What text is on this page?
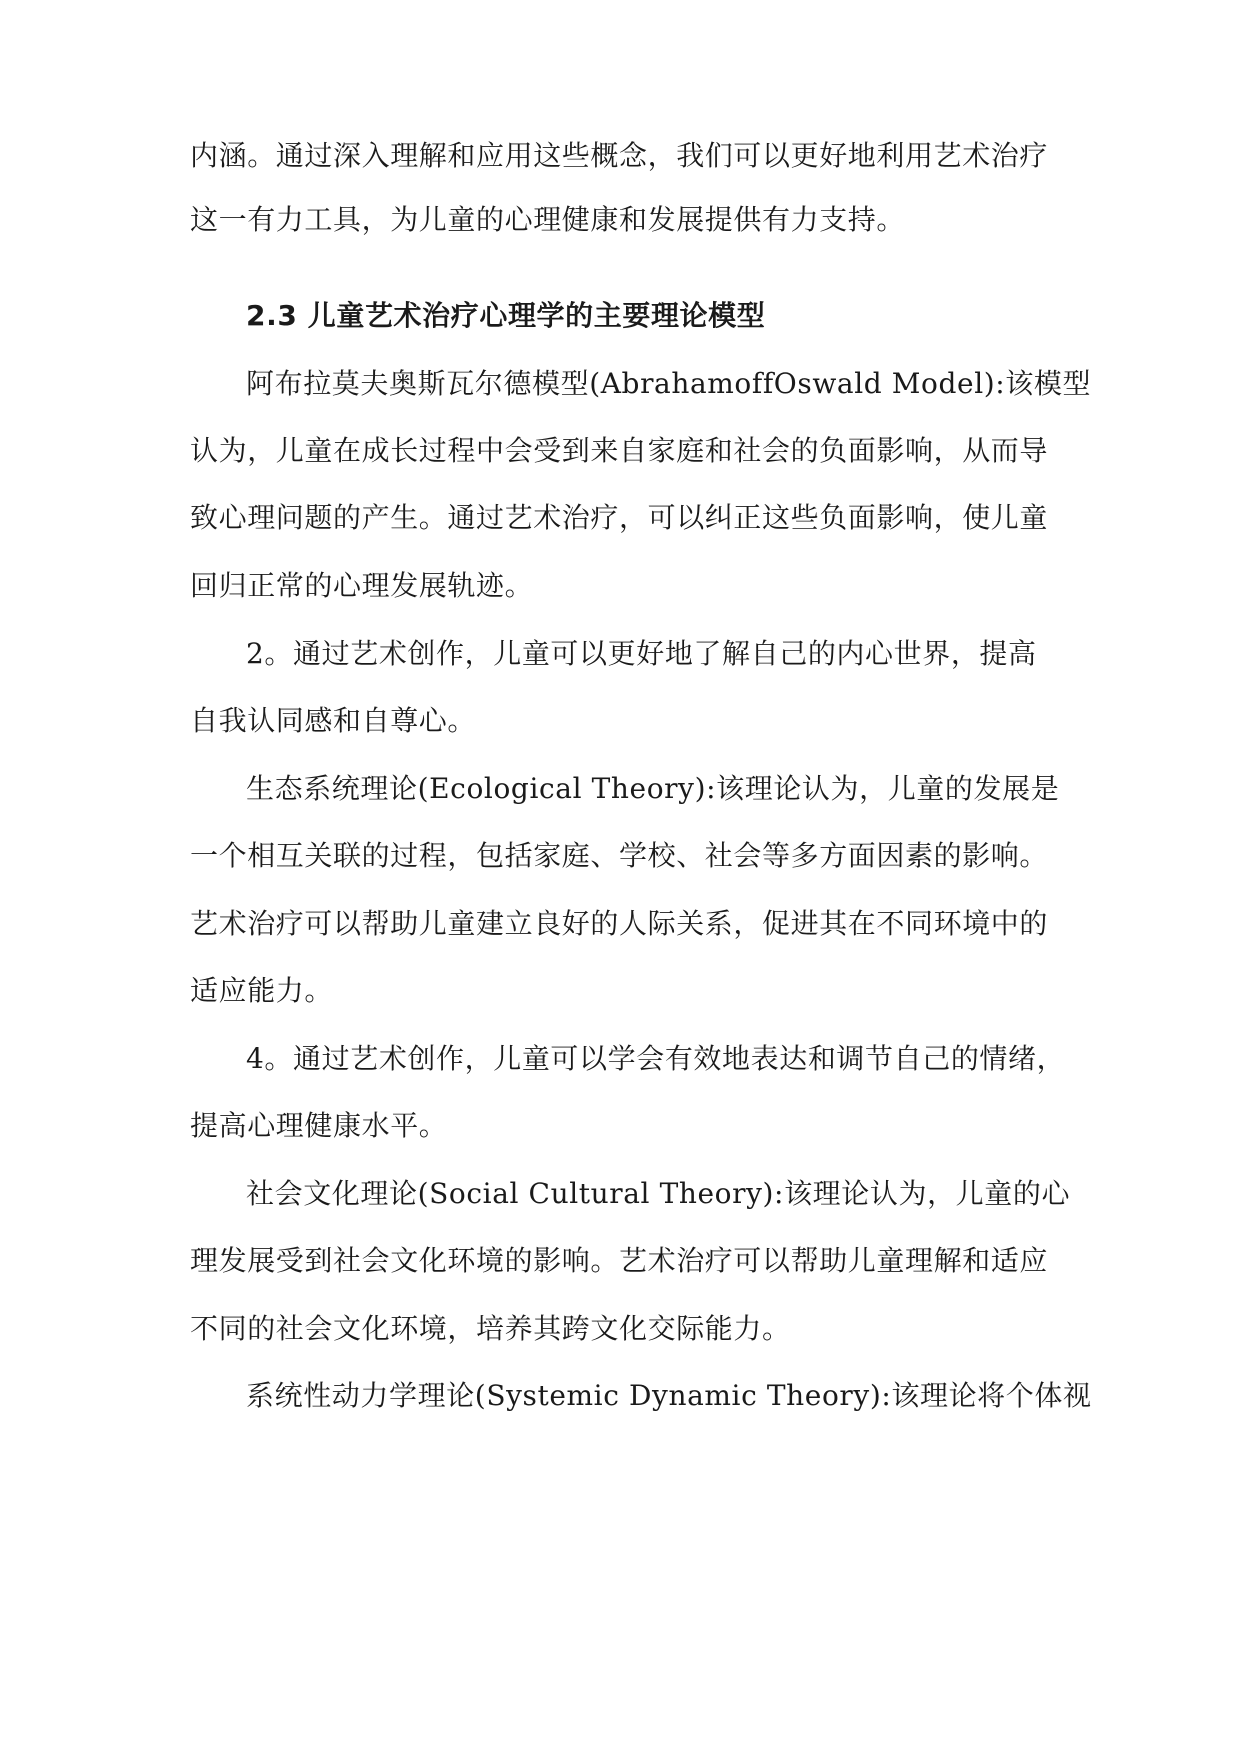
内涵。通过深入理解和应用这些概念，我们可以更好地利用艺术治疗
这一有力工具，为儿童的心理健康和发展提供有力支持。
2.3 儿童艺术治疗心理学的主要理论模型
阿布拉莫夫奥斯瓦尔德模型(AbrahamoffOswald Model):该模型
认为，儿童在成长过程中会受到来自家庭和社会的负面影响，从而导
致心理问题的产生。通过艺术治疗，可以纠正这些负面影响，使儿童
回归正常的心理发展轨迹。
2。通过艺术创作，儿童可以更好地了解自己的内心世界，提高
自我认同感和自尊心。
生态系统理论(Ecological Theory):该理论认为，儿童的发展是
一个相互关联的过程，包括家庭、学校、社会等多方面因素的影响。
艺术治疗可以帮助儿童建立良好的人际关系，促进其在不同环境中的
适应能力。
4。通过艺术创作，儿童可以学会有效地表达和调节自己的情绪，
提高心理健康水平。
社会文化理论(Social Cultural Theory):该理论认为，儿童的心
理发展受到社会文化环境的影响。艺术治疗可以帮助儿童理解和适应
不同的社会文化环境，培养其跨文化交际能力。
系统性动力学理论(Systemic Dynamic Theory):该理论将个体视
